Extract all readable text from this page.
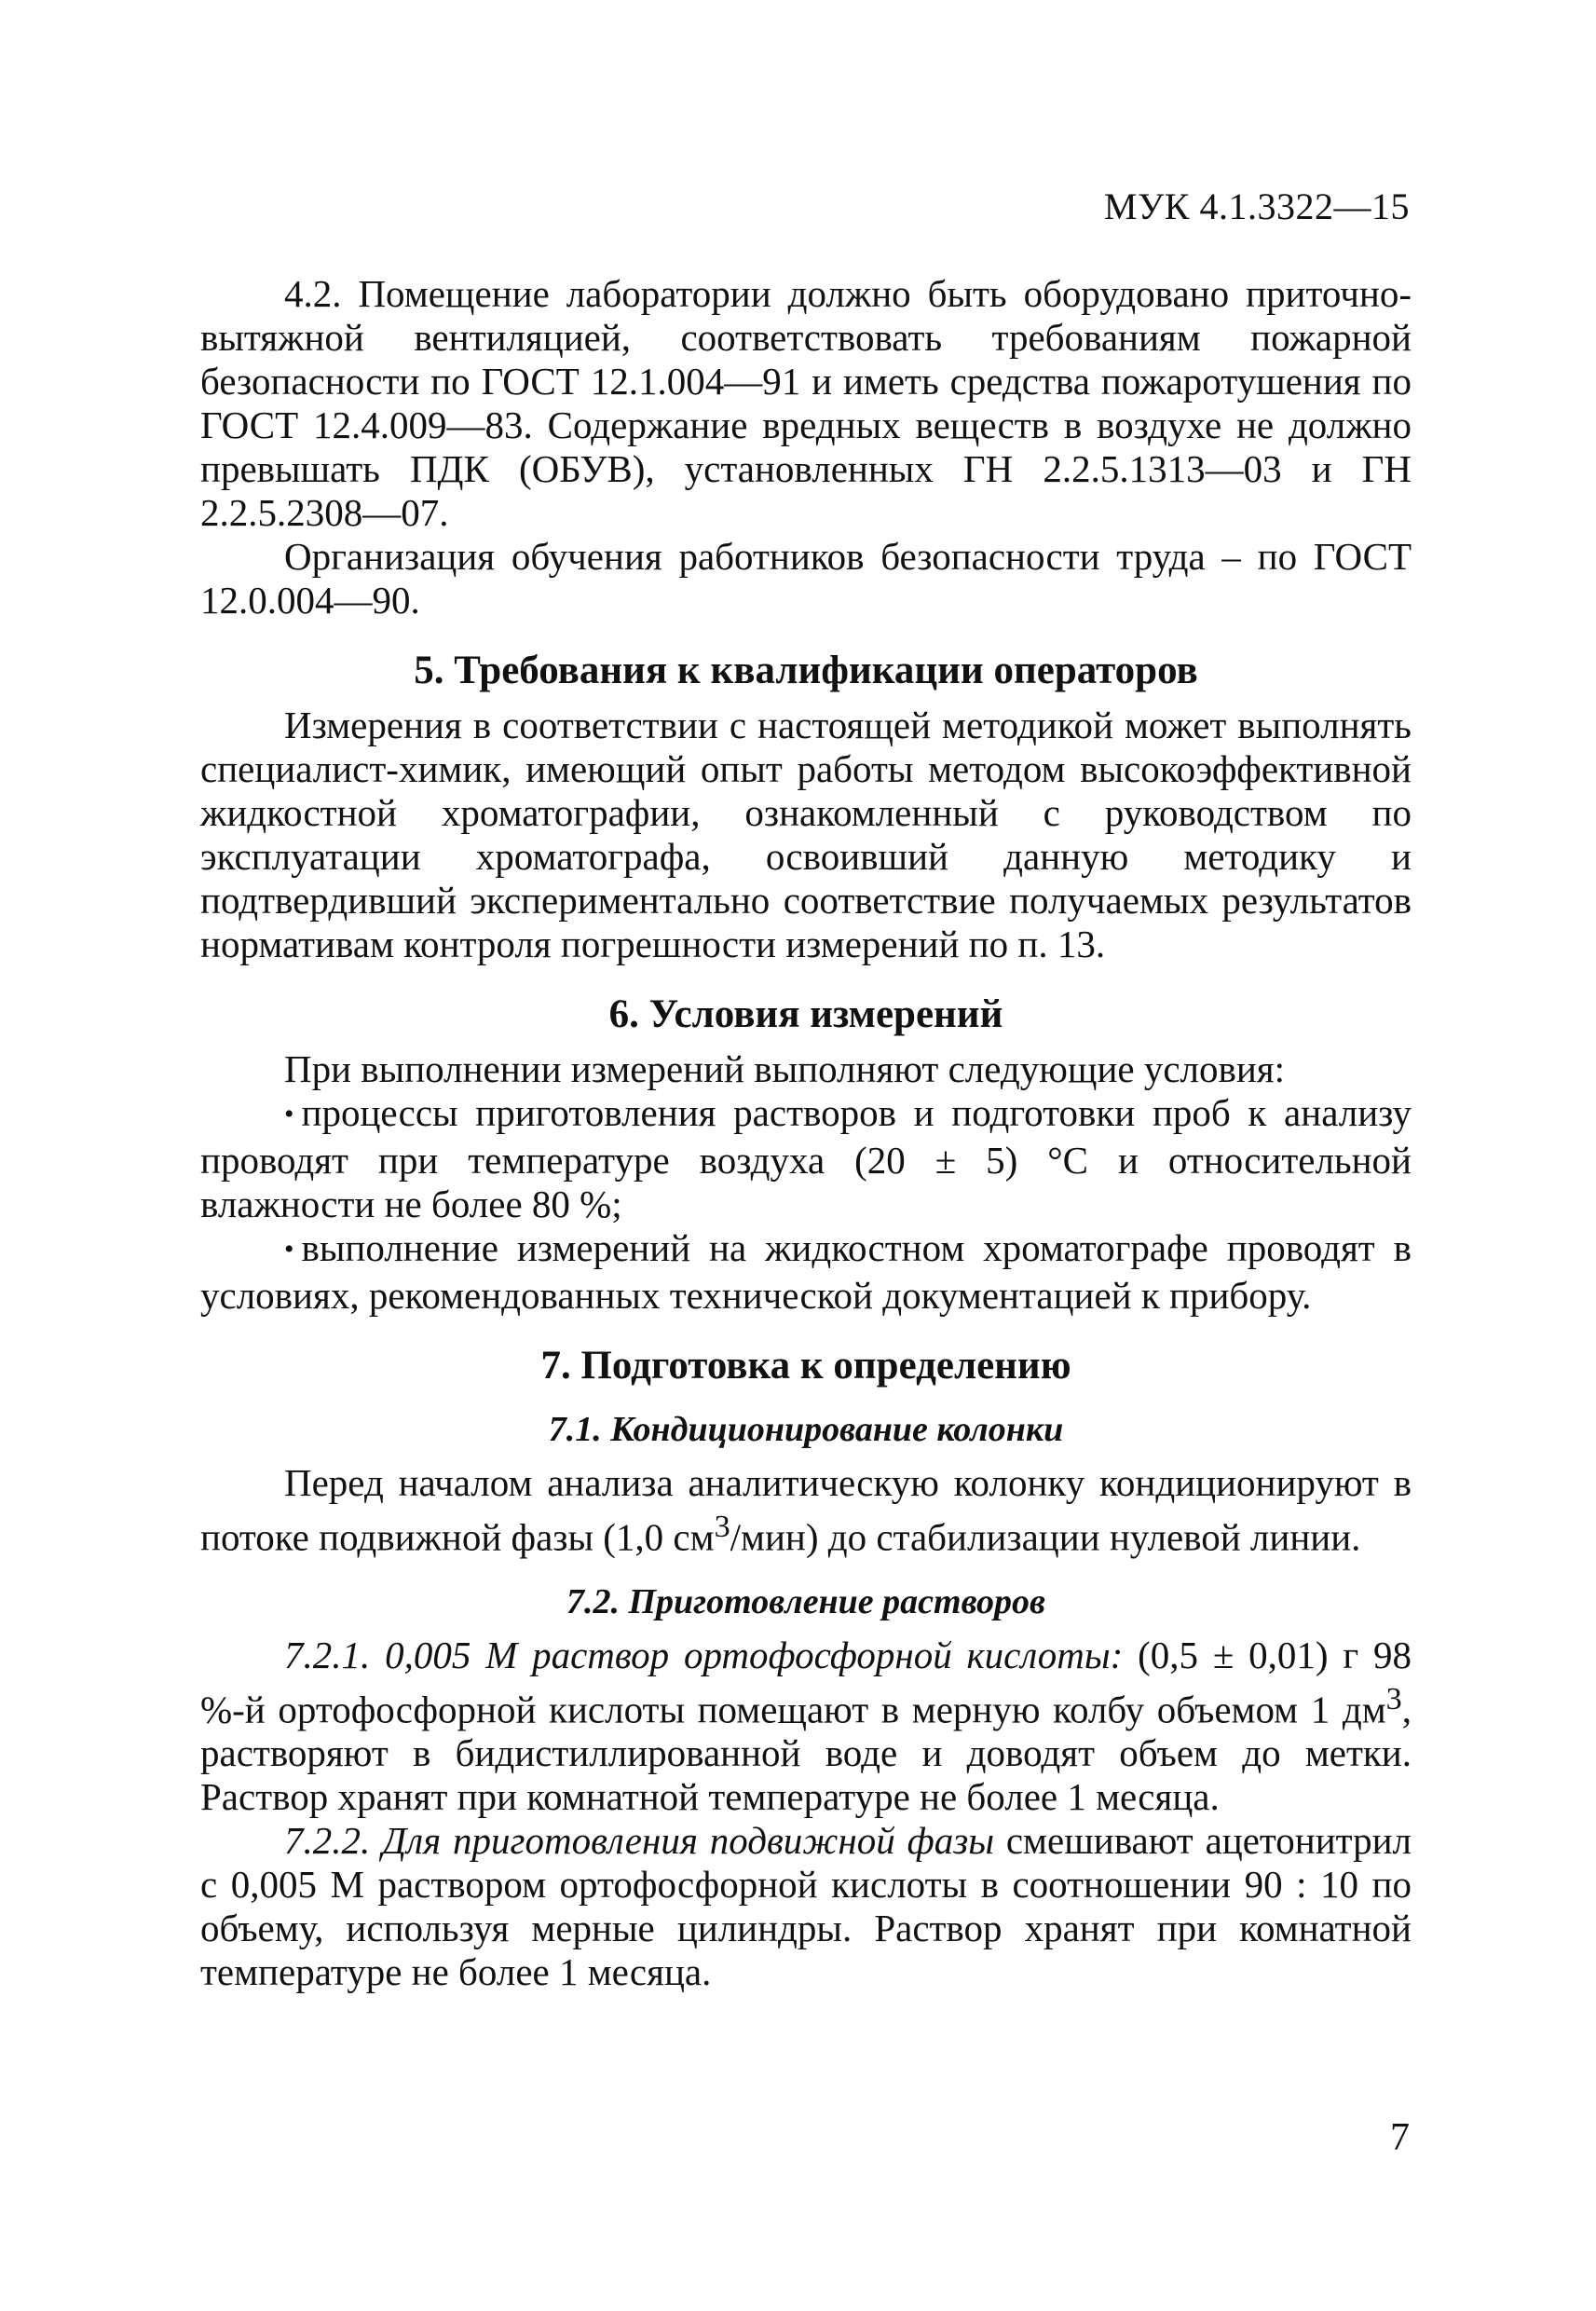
МУК 4.1.3322—15

4.2. Помещение лаборатории должно быть оборудовано приточно-вытяжной вентиляцией, соответствовать требованиям пожарной безопасности по ГОСТ 12.1.004—91 и иметь средства пожаротушения по ГОСТ 12.4.009—83. Содержание вредных веществ в воздухе не должно превышать ПДК (ОБУВ), установленных ГН 2.2.5.1313—03 и ГН 2.2.5.2308—07.

Организация обучения работников безопасности труда – по ГОСТ 12.0.004—90.

5. Требования к квалификации операторов

Измерения в соответствии с настоящей методикой может выполнять специалист-химик, имеющий опыт работы методом высокоэффективной жидкостной хроматографии, ознакомленный с руководством по эксплуатации хроматографа, освоивший данную методику и подтвердивший экспериментально соответствие получаемых результатов нормативам контроля погрешности измерений по п. 13.

6. Условия измерений

При выполнении измерений выполняют следующие условия:

• процессы приготовления растворов и подготовки проб к анализу проводят при температуре воздуха (20 ± 5) °С и относительной влажности не более 80 %;

• выполнение измерений на жидкостном хроматографе проводят в условиях, рекомендованных технической документацией к прибору.

7. Подготовка к определению
7.1. Кондиционирование колонки

Перед началом анализа аналитическую колонку кондиционируют в потоке подвижной фазы (1,0 $см^3/мин$) до стабилизации нулевой линии.

7.2. Приготовление растворов

7.2.1. 0,005 М раствор ортофосфорной кислоты: (0,5 ± 0,01) г 98 %-й ортофосфорной кислоты помещают в мерную колбу объемом 1 $дм^3$, растворяют в бидистиллированной воде и доводят объем до метки. Раствор хранят при комнатной температуре не более 1 месяца.

7.2.2. Для приготовления подвижной фазы смешивают ацетонитрил с 0,005 М раствором ортофосфорной кислоты в соотношении 90 : 10 по объему, используя мерные цилиндры. Раствор хранят при комнатной температуре не более 1 месяца.

7
